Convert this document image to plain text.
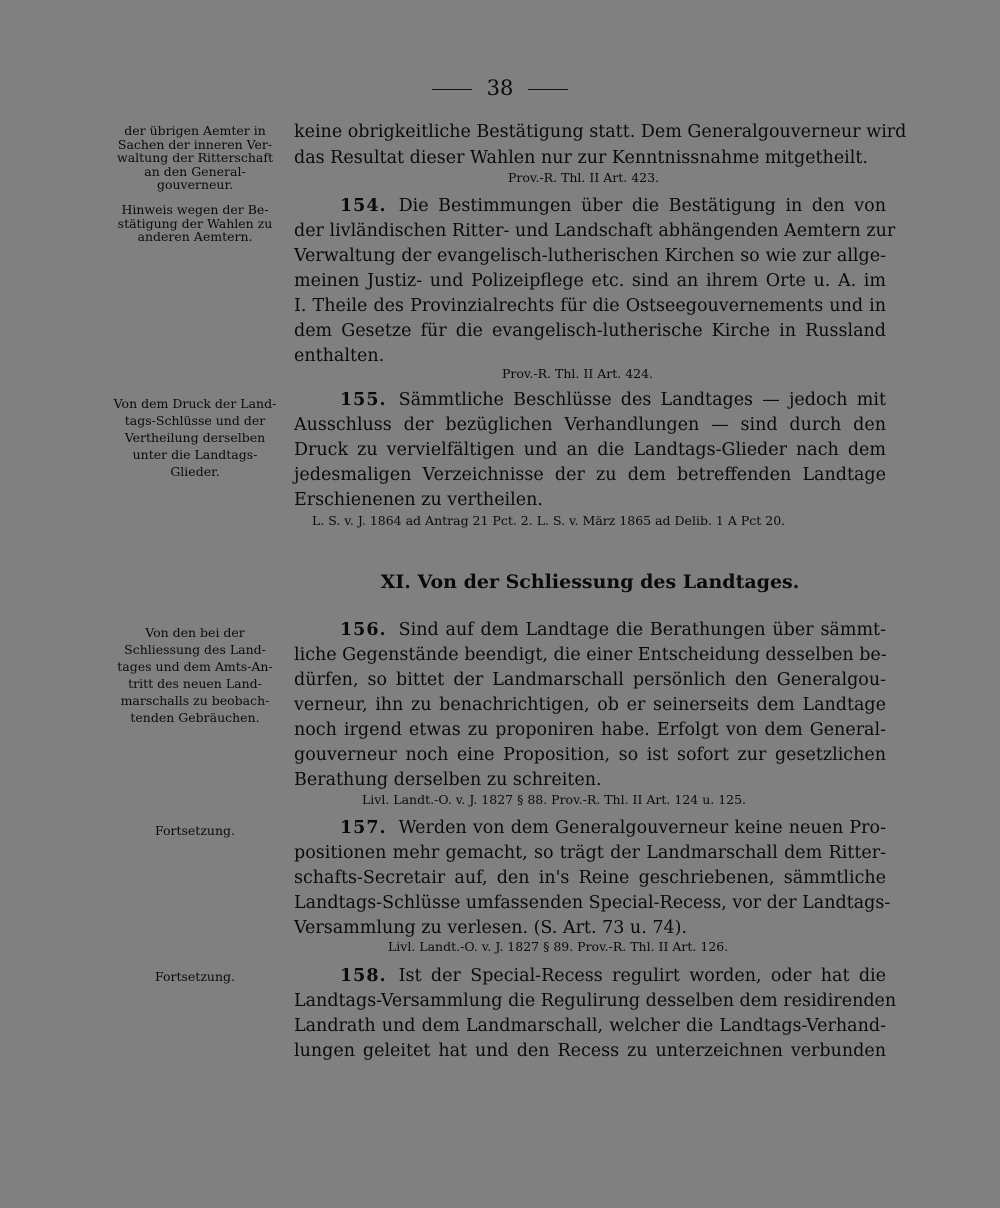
38
der übrigen Aemter in
Sachen der inneren Ver-
waltung der Ritterschaft
an den General-
gouverneur.
Hinweis wegen der Be-
stätigung der Wahlen zu
anderen Aemtern.
Von dem Druck der Land-
tags-Schlüsse und der
Vertheilung derselben
unter die Landtags-
Glieder.
Von den bei der
Schliessung des Land-
tages und dem Amts-An-
tritt des neuen Land-
marschalls zu beobach-
tenden Gebräuchen.
Fortsetzung.
Fortsetzung.
keine obrigkeitliche Bestätigung statt. Dem Generalgouverneur wird
das Resultat dieser Wahlen nur zur Kenntnissnahme mitgetheilt.
Prov.-R. Thl. II Art. 423.
154. Die Bestimmungen über die Bestätigung in den von
der livländischen Ritter- und Landschaft abhängenden Aemtern zur
Verwaltung der evangelisch-lutherischen Kirchen so wie zur allge-
meinen Justiz- und Polizeipflege etc. sind an ihrem Orte u. A. im
I. Theile des Provinzialrechts für die Ostseegouvernements und in
dem Gesetze für die evangelisch-lutherische Kirche in Russland
enthalten.
Prov.-R. Thl. II Art. 424.
155. Sämmtliche Beschlüsse des Landtages — jedoch mit
Ausschluss der bezüglichen Verhandlungen — sind durch den
Druck zu vervielfältigen und an die Landtags-Glieder nach dem
jedesmaligen Verzeichnisse der zu dem betreffenden Landtage
Erschienenen zu vertheilen.
L. S. v. J. 1864 ad Antrag 21 Pct. 2. L. S. v. März 1865 ad Delib. 1 A Pct 20.
XI. Von der Schliessung des Landtages.
156. Sind auf dem Landtage die Berathungen über sämmt-
liche Gegenstände beendigt, die einer Entscheidung desselben be-
dürfen, so bittet der Landmarschall persönlich den Generalgou-
verneur, ihn zu benachrichtigen, ob er seinerseits dem Landtage
noch irgend etwas zu proponiren habe. Erfolgt von dem General-
gouverneur noch eine Proposition, so ist sofort zur gesetzlichen
Berathung derselben zu schreiten.
Livl. Landt.-O. v. J. 1827 § 88. Prov.-R. Thl. II Art. 124 u. 125.
157. Werden von dem Generalgouverneur keine neuen Pro-
positionen mehr gemacht, so trägt der Landmarschall dem Ritter-
schafts-Secretair auf, den in's Reine geschriebenen, sämmtliche
Landtags-Schlüsse umfassenden Special-Recess, vor der Landtags-
Versammlung zu verlesen. (S. Art. 73 u. 74).
Livl. Landt.-O. v. J. 1827 § 89. Prov.-R. Thl. II Art. 126.
158. Ist der Special-Recess regulirt worden, oder hat die
Landtags-Versammlung die Regulirung desselben dem residirenden
Landrath und dem Landmarschall, welcher die Landtags-Verhand-
lungen geleitet hat und den Recess zu unterzeichnen verbunden
